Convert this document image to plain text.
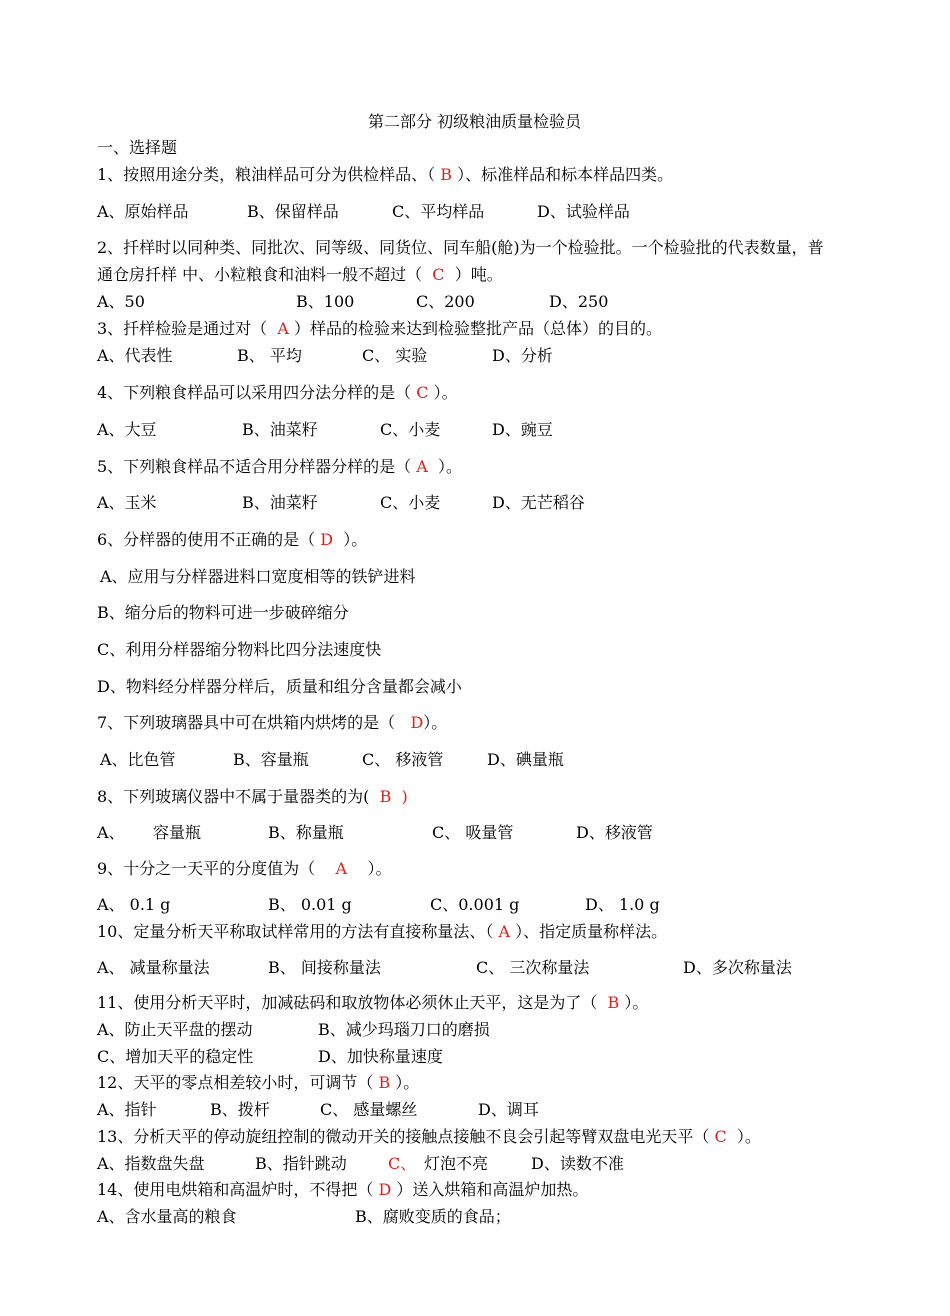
第二部分 初级粮油质量检验员
一、选择题
1、按照用途分类，粮油样品可分为供检样品、（ B ）、标准样品和标本样品四类。
A、原始样品	B、保留样品	C、平均样品	D、试验样品
2、扦样时以同种类、同批次、同等级、同货位、同车船(舱)为一个检验批。一个检验批的代表数量，普
通仓房扦样 中、小粒粮食和油料一般不超过（  C  ）吨。
A、50	B、100	C、200	D、250
3、扦样检验是通过对（  A ）样品的检验来达到检验整批产品（总体）的目的。
A、代表性	B、 平均	C、 实验	D、分析
4、下列粮食样品可以采用四分法分样的是（ C ）。
A、大豆	B、油菜籽	C、小麦	D、豌豆
5、下列粮食样品不适合用分样器分样的是（ A  ）。
A、玉米	B、油菜籽	C、小麦	D、无芒稻谷
6、分样器的使用不正确的是（ D  ）。
A、应用与分样器进料口宽度相等的铁铲进料
B、缩分后的物料可进一步破碎缩分
C、利用分样器缩分物料比四分法速度快
D、物料经分样器分样后，质量和组分含量都会减小
7、下列玻璃器具中可在烘箱内烘烤的是（   D）。
A、比色管	B、容量瓶	C、 移液管	D、碘量瓶
8、下列玻璃仪器中不属于量器类的为(  B  )
A、 容量瓶	B、称量瓶	C、 吸量管	D、移液管
9、十分之一天平的分度值为（    A    ）。
A、 0.1 g	B、 0.01 g	C、0.001 g	D、 1.0 g
10、定量分析天平称取试样常用的方法有直接称量法、（ A ）、指定质量称样法。
A、 减量称量法	B、 间接称量法	C、 三次称量法	D、多次称量法
11、使用分析天平时，加减砝码和取放物体必须休止天平，这是为了（  B ）。
A、防止天平盘的摆动	B、减少玛瑙刀口的磨损
C、增加天平的稳定性	D、加快称量速度
12、天平的零点相差较小时，可调节（ B ）。
A、指针	B、拨杆	C、 感量螺丝	D、调耳
13、分析天平的停动旋纽控制的微动开关的接触点接触不良会引起等臂双盘电光天平（ C  ）。
A、指数盘失盘	B、指针跳动	C、 灯泡不亮	D、读数不准
14、使用电烘箱和高温炉时，不得把（ D ）送入烘箱和高温炉加热。
A、含水量高的粮食	B、腐败变质的食品；
